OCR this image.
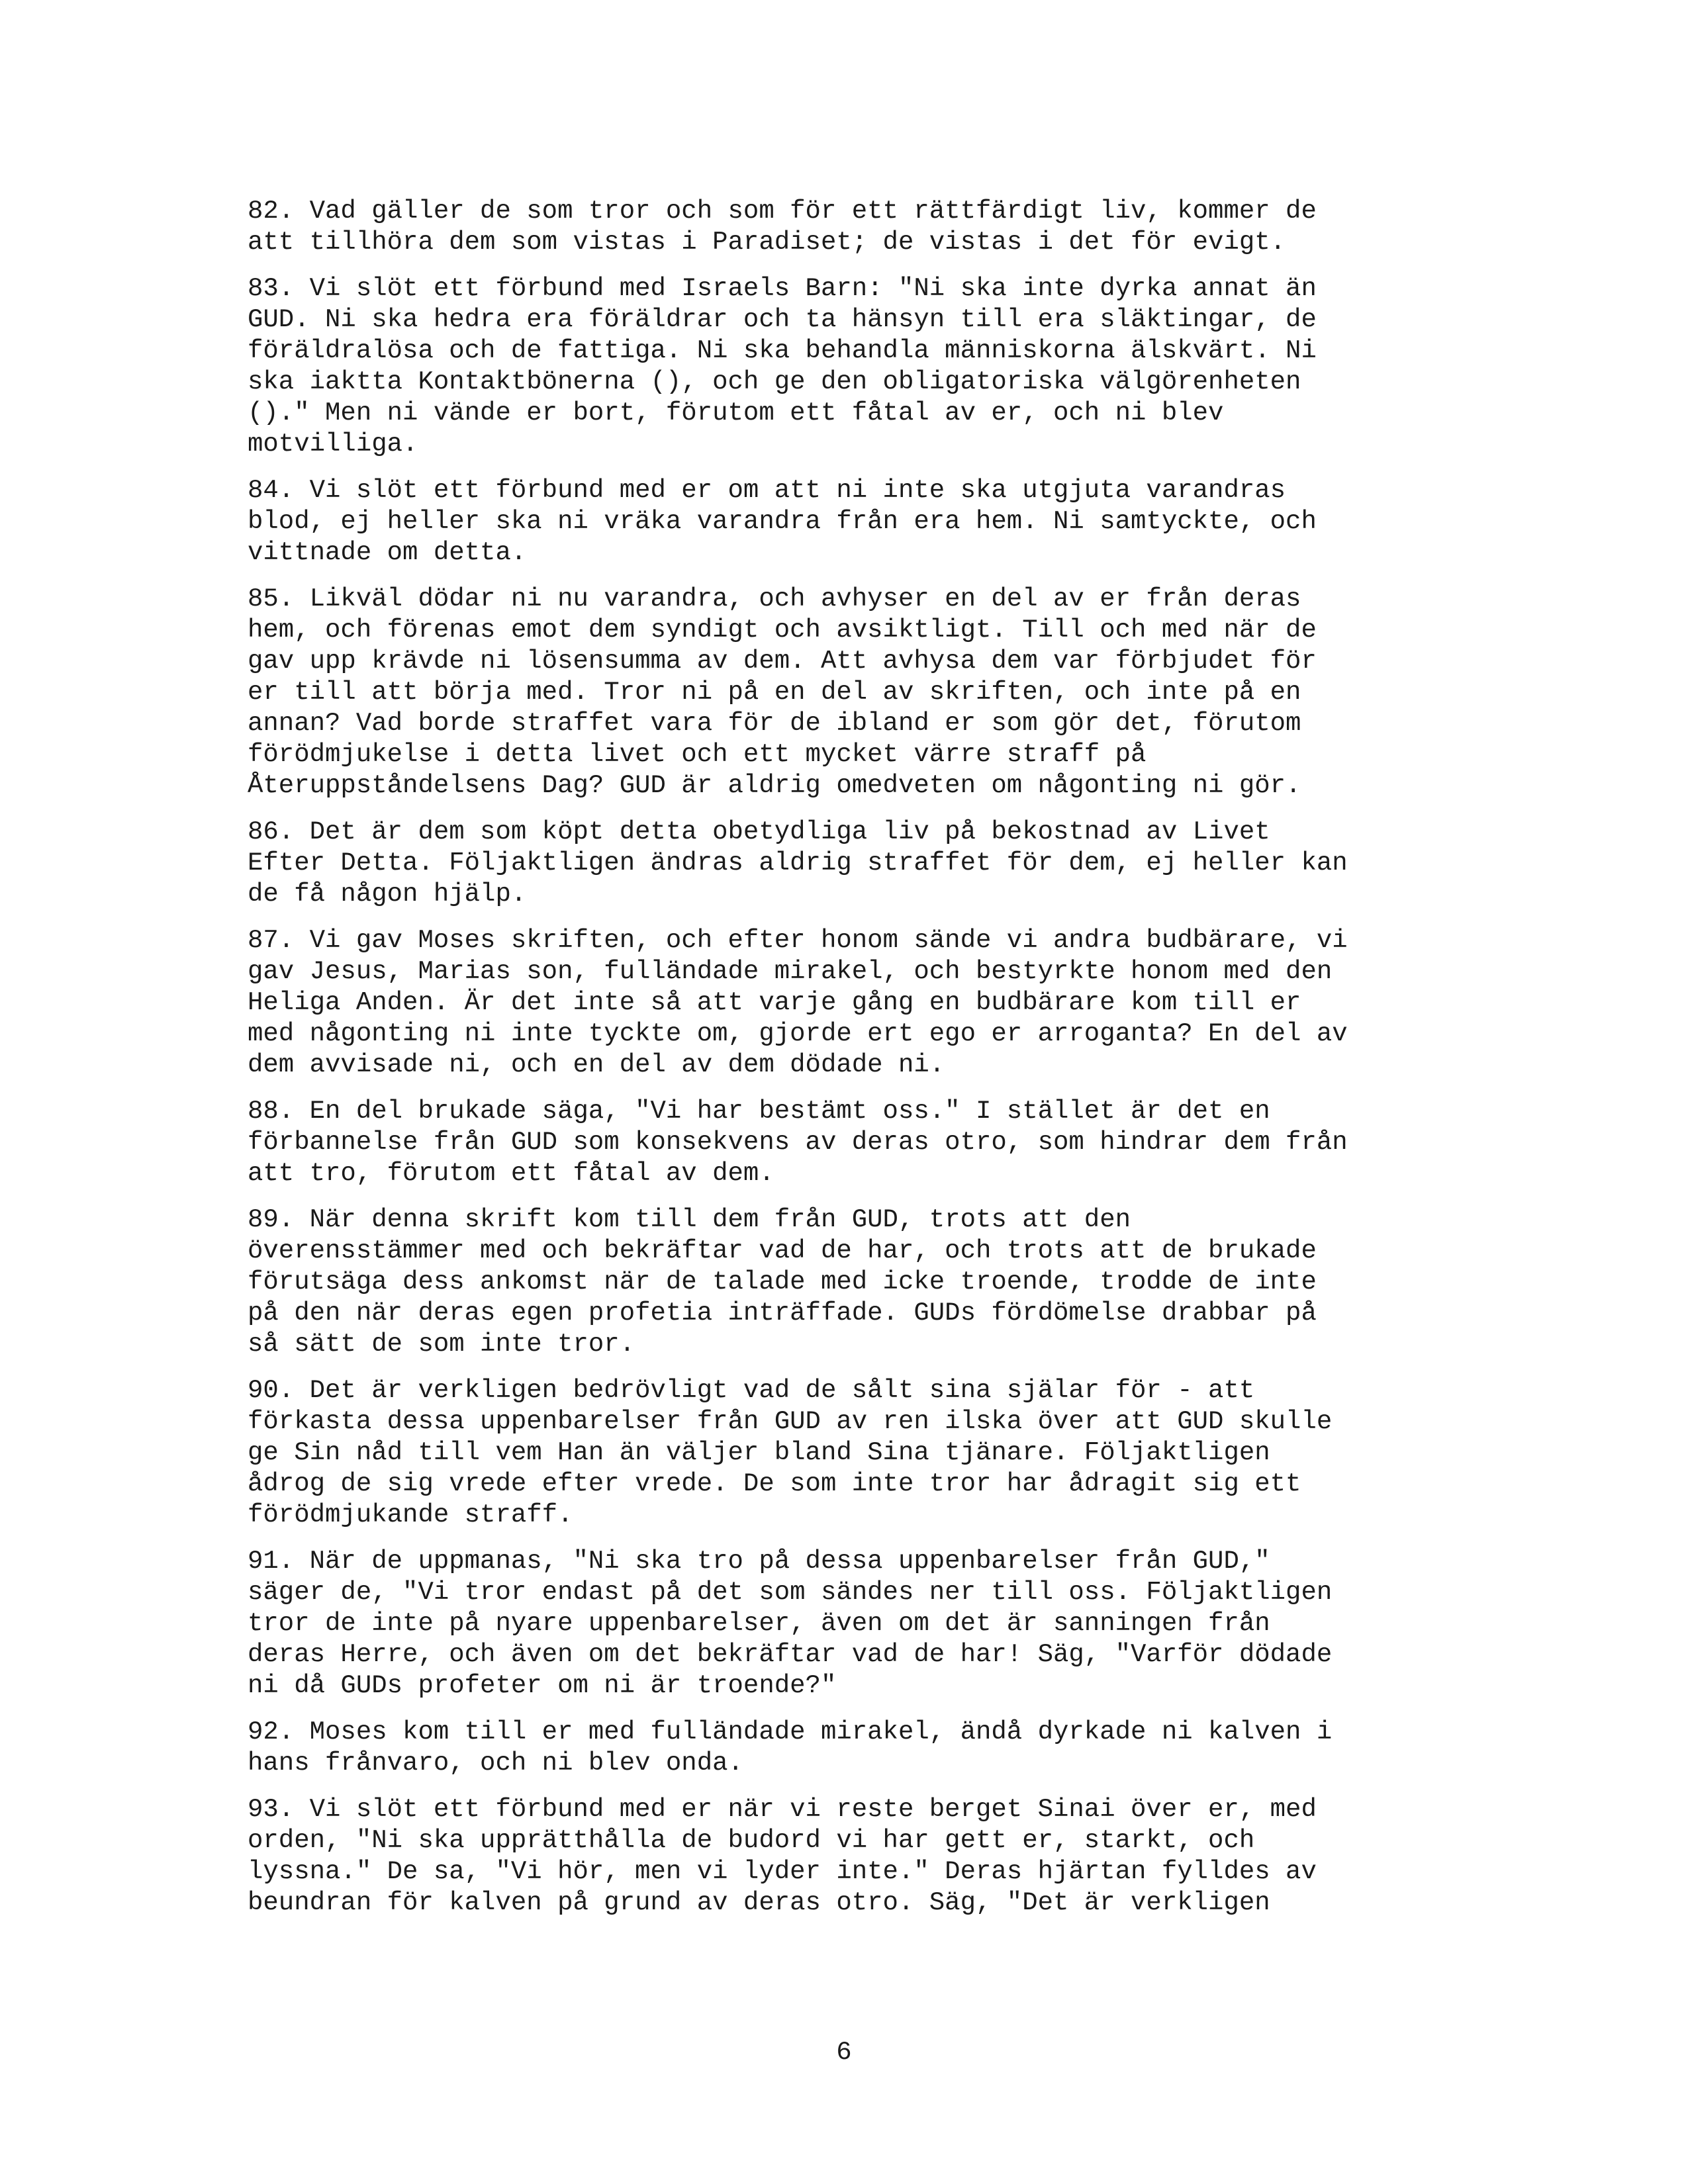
82. Vad gäller de som tror och som för ett rättfärdigt liv, kommer de
att tillhöra dem som vistas i Paradiset; de vistas i det för evigt.
83. Vi slöt ett förbund med Israels Barn: "Ni ska inte dyrka annat än
GUD. Ni ska hedra era föräldrar och ta hänsyn till era släktingar, de
föräldralösa och de fattiga. Ni ska behandla människorna älskvärt. Ni
ska iaktta Kontaktbönerna (), och ge den obligatoriska välgörenheten
()." Men ni vände er bort, förutom ett fåtal av er, och ni blev
motvilliga.
84. Vi slöt ett förbund med er om att ni inte ska utgjuta varandras
blod, ej heller ska ni vräka varandra från era hem. Ni samtyckte, och
vittnade om detta.
85. Likväl dödar ni nu varandra, och avhyser en del av er från deras
hem, och förenas emot dem syndigt och avsiktligt. Till och med när de
gav upp krävde ni lösensumma av dem. Att avhysa dem var förbjudet för
er till att börja med. Tror ni på en del av skriften, och inte på en
annan? Vad borde straffet vara för de ibland er som gör det, förutom
förödmjukelse i detta livet och ett mycket värre straff på
Återuppståndelsens Dag? GUD är aldrig omedveten om någonting ni gör.
86. Det är dem som köpt detta obetydliga liv på bekostnad av Livet
Efter Detta. Följaktligen ändras aldrig straffet för dem, ej heller kan
de få någon hjälp.
87. Vi gav Moses skriften, och efter honom sände vi andra budbärare, vi
gav Jesus, Marias son, fulländade mirakel, och bestyrkte honom med den
Heliga Anden. Är det inte så att varje gång en budbärare kom till er
med någonting ni inte tyckte om, gjorde ert ego er arroganta? En del av
dem avvisade ni, och en del av dem dödade ni.
88. En del brukade säga, "Vi har bestämt oss." I stället är det en
förbannelse från GUD som konsekvens av deras otro, som hindrar dem från
att tro, förutom ett fåtal av dem.
89. När denna skrift kom till dem från GUD, trots att den
överensstämmer med och bekräftar vad de har, och trots att de brukade
förutsäga dess ankomst när de talade med icke troende, trodde de inte
på den när deras egen profetia inträffade. GUDs fördömelse drabbar på
så sätt de som inte tror.
90. Det är verkligen bedrövligt vad de sålt sina själar för - att
förkasta dessa uppenbarelser från GUD av ren ilska över att GUD skulle
ge Sin nåd till vem Han än väljer bland Sina tjänare. Följaktligen
ådrog de sig vrede efter vrede. De som inte tror har ådragit sig ett
förödmjukande straff.
91. När de uppmanas, "Ni ska tro på dessa uppenbarelser från GUD,"
säger de, "Vi tror endast på det som sändes ner till oss. Följaktligen
tror de inte på nyare uppenbarelser, även om det är sanningen från
deras Herre, och även om det bekräftar vad de har! Säg, "Varför dödade
ni då GUDs profeter om ni är troende?"
92. Moses kom till er med fulländade mirakel, ändå dyrkade ni kalven i
hans frånvaro, och ni blev onda.
93. Vi slöt ett förbund med er när vi reste berget Sinai över er, med
orden, "Ni ska upprätthålla de budord vi har gett er, starkt, och
lyssna." De sa, "Vi hör, men vi lyder inte." Deras hjärtan fylldes av
beundran för kalven på grund av deras otro. Säg, "Det är verkligen
6
